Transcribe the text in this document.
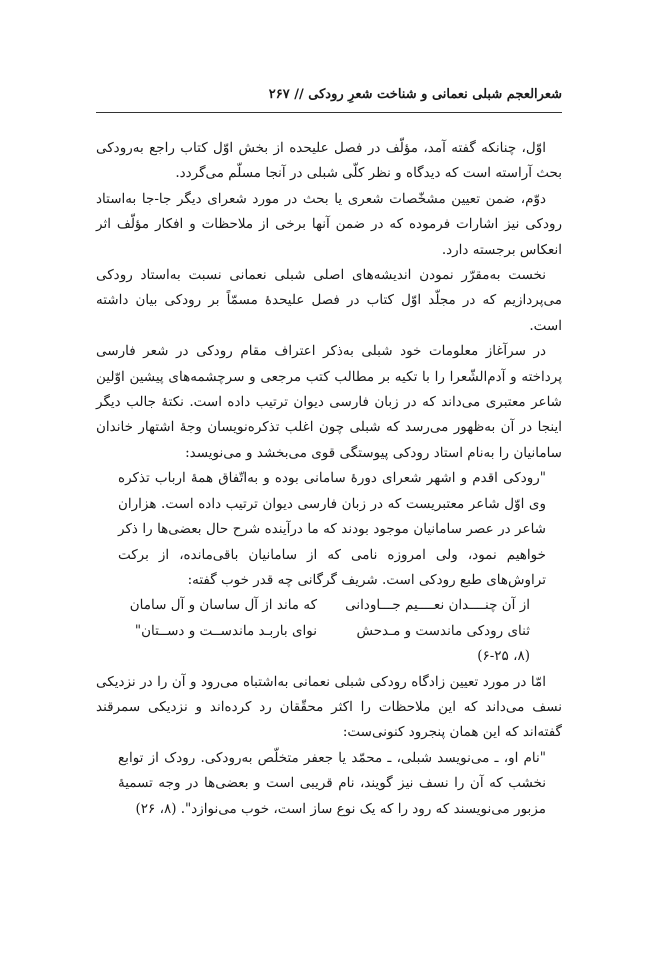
شعرالعجم شبلی نعمانی و شناخت شعرِ رودکی // ۲۶۷

اوّل، چنانکه گفته آمد، مؤلّف در فصل علیحده از بخش اوّل کتاب راجع به‌رودکی بحث آراسته است که دیدگاه و نظر کلّی شبلی در آنجا مسلّم می‌گردد.

دوّم، ضمن تعیین مشخّصات شعری یا بحث در مورد شعرای دیگر جا-جا به‌استاد رودکی نیز اشارات فرموده که در ضمن آنها برخی از ملاحظات و افکار مؤلّف اثر انعکاس برجسته دارد.

نخست به‌مقرّر نمودن اندیشه‌های اصلی شبلی نعمانی نسبت به‌استاد رودکی می‌پردازیم که در مجلّد اوّل کتاب در فصل علیحدهٔ مسمّاً بر رودکی بیان داشته است.

در سرآغاز معلومات خود شبلی به‌ذکر اعتراف مقام رودکی در شعر فارسی پرداخته و آدم‌الشّعرا را با تکیه بر مطالب کتب مرجعی و سرچشمه‌های پیشین اوّلین شاعر معتبری می‌داند که در زبان فارسی دیوان ترتیب داده است. نکتهٔ جالب دیگر اینجا در آن به‌ظهور می‌رسد که شبلی چون اغلب تذکره‌نویسان وجهٔ اشتهار خاندان سامانیان را به‌نام استاد رودکی پیوستگی قوی می‌بخشد و می‌نویسد:

"رودکی اقدم و اشهر شعرای دورهٔ سامانی بوده و به‌اتّفاق همهٔ ارباب تذکره وی اوّل شاعر معتبریست که در زبان فارسی دیوان ترتیب داده است. هزاران شاعر در عصر سامانیان موجود بودند که ما درآینده شرح حال بعضی‌ها را ذکر خواهیم نمود، ولی امروزه نامی که از سامانیان باقی‌مانده، از برکت تراوش‌های طبع رودکی است. شریف گرگانی چه قدر خوب گفته:

از آن چنــــدان نعــــیم جـــاودانی
که ماند از آل ساسان و آل سامان
ثنای رودکی ماندست و مـدحش
نوای باربـد ماندســت و دســتان"
(۸، ۶-۲۵)

امّا در مورد تعیین زادگاه رودکی شبلی نعمانی به‌اشتباه می‌رود و آن را در نزدیکی نسف می‌داند که این ملاحظات را اکثر محقّقان رد کرده‌اند و نزدیکی سمرقند گفته‌اند که این همان پنجرود کنونی‌ست:

"نام او، ـ می‌نویسد شبلی، ـ محمّد یا جعفر متخلّص به‌رودکی. رودک از توابع نخشب که آن را نسف نیز گویند، نام قریبی است و بعضی‌ها در وجه تسمیهٔ مزبور می‌نویسند که رود را که یک نوع ساز است، خوب می‌نوازد". (۸، ۲۶)
